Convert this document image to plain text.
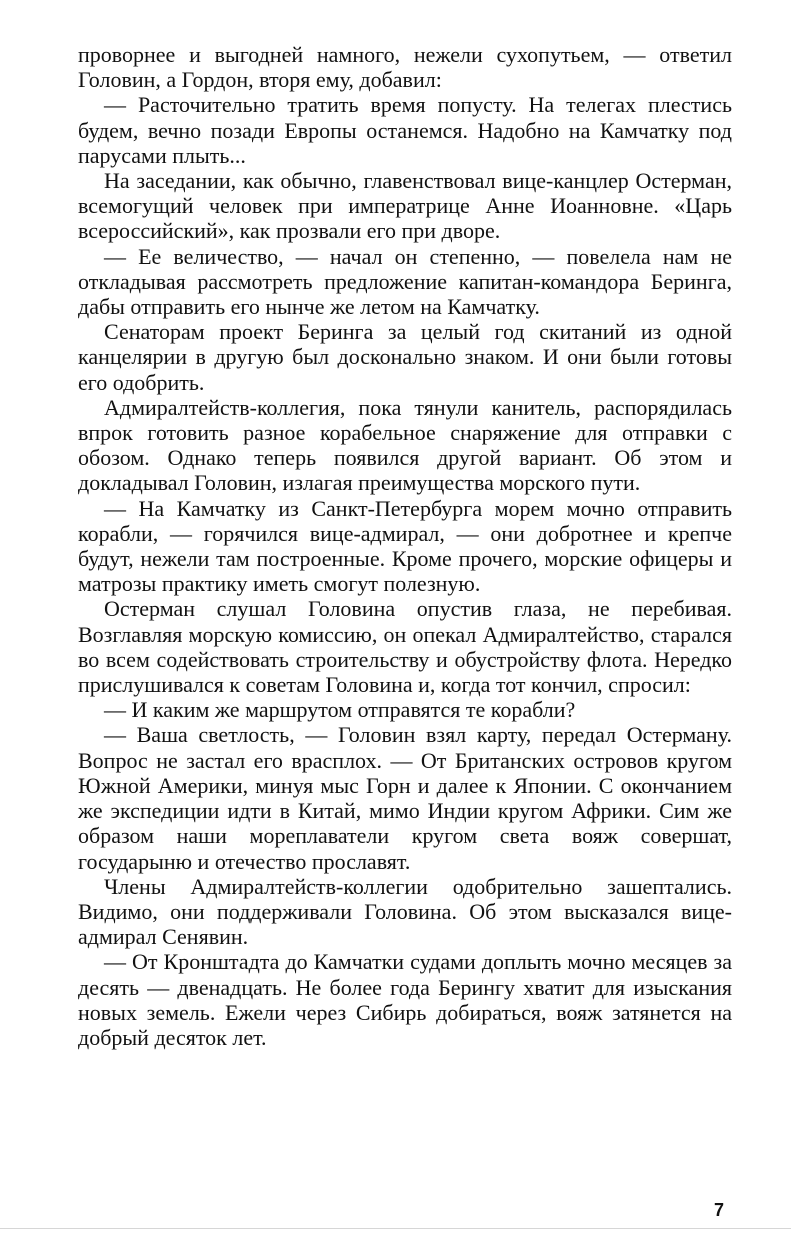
проворнее и выгодней намного, нежели сухопутьем, — ответил Головин, а Гордон, вторя ему, добавил:

— Расточительно тратить время попусту. На телегах плестись будем, вечно позади Европы останемся. Надобно на Камчатку под парусами плыть...

На заседании, как обычно, главенствовал вице-канцлер Остерман, всемогущий человек при императрице Анне Иоанновне. «Царь всероссийский», как прозвали его при дворе.

— Ее величество, — начал он степенно, — повелела нам не откладывая рассмотреть предложение капитан-командора Беринга, дабы отправить его нынче же летом на Камчатку.

Сенаторам проект Беринга за целый год скитаний из одной канцелярии в другую был досконально знаком. И они были готовы его одобрить.

Адмиралтейств-коллегия, пока тянули канитель, распорядилась впрок готовить разное корабельное снаряжение для отправки с обозом. Однако теперь появился другой вариант. Об этом и докладывал Головин, излагая преимущества морского пути.

— На Камчатку из Санкт-Петербурга морем мочно отправить корабли, — горячился вице-адмирал, — они добротнее и крепче будут, нежели там построенные. Кроме прочего, морские офицеры и матрозы практику иметь смогут полезную.

Остерман слушал Головина опустив глаза, не перебивая. Возглавляя морскую комиссию, он опекал Адмиралтейство, старался во всем содействовать строительству и обустройству флота. Нередко прислушивался к советам Головина и, когда тот кончил, спросил:

— И каким же маршрутом отправятся те корабли?

— Ваша светлость, — Головин взял карту, передал Остерману. Вопрос не застал его врасплох. — От Британских островов кругом Южной Америки, минуя мыс Горн и далее к Японии. С окончанием же экспедиции идти в Китай, мимо Индии кругом Африки. Сим же образом наши мореплаватели кругом света вояж совершат, государыню и отечество прославят.

Члены Адмиралтейств-коллегии одобрительно зашептались. Видимо, они поддерживали Головина. Об этом высказался вице-адмирал Сенявин.

— От Кронштадта до Камчатки судами доплыть мочно месяцев за десять — двенадцать. Не более года Берингу хватит для изыскания новых земель. Ежели через Сибирь добираться, вояж затянется на добрый десяток лет.

7
